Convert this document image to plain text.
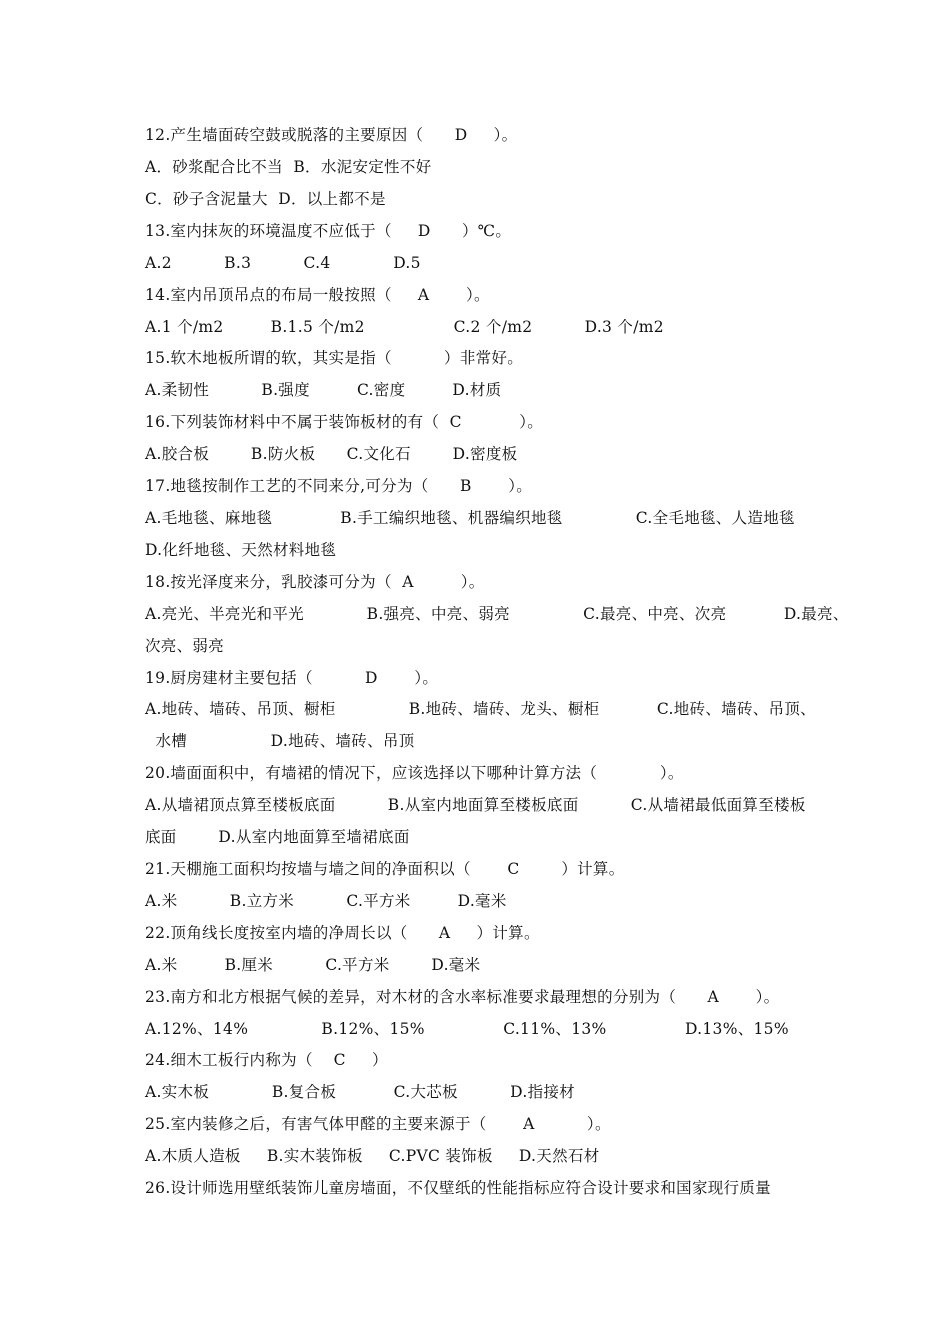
12.产生墙面砖空鼓或脱落的主要原因（      D     ）。
A．砂浆配合比不当  B．水泥安定性不好
C．砂子含泥量大  D．以上都不是
13.室内抹灰的环境温度不应低于（     D      ）℃。
A.2          B.3          C.4            D.5
14.室内吊顶吊点的布局一般按照（     A       ）。
A.1 个/m2         B.1.5 个/m2                 C.2 个/m2          D.3 个/m2
15.软木地板所谓的软，其实是指（          ）非常好。
A.柔韧性          B.强度         C.密度         D.材质
16.下列装饰材料中不属于装饰板材的有（  C           ）。
A.胶合板        B.防火板      C.文化石        D.密度板
17.地毯按制作工艺的不同来分,可分为（      B       ）。
A.毛地毯、麻地毯             B.手工编织地毯、机器编织地毯              C.全毛地毯、人造地毯
D.化纤地毯、天然材料地毯
18.按光泽度来分，乳胶漆可分为（  A         ）。
A.亮光、半亮光和平光            B.强亮、中亮、弱亮              C.最亮、中亮、次亮           D.最亮、
次亮、弱亮
19.厨房建材主要包括（          D       ）。
A.地砖、墙砖、吊顶、橱柜              B.地砖、墙砖、龙头、橱柜           C.地砖、墙砖、吊顶、
水槽                D.地砖、墙砖、吊顶
20.墙面面积中，有墙裙的情况下，应该选择以下哪种计算方法（            ）。
A.从墙裙顶点算至楼板底面          B.从室内地面算至楼板底面          C.从墙裙最低面算至楼板
底面        D.从室内地面算至墙裙底面
21.天棚施工面积均按墙与墙之间的净面积以（       C        ）计算。
A.米          B.立方米          C.平方米         D.毫米
22.顶角线长度按室内墙的净周长以（      A     ）计算。
A.米         B.厘米          C.平方米        D.毫米
23.南方和北方根据气候的差异，对木材的含水率标准要求最理想的分别为（      A       ）。
A.12%、14%              B.12%、15%               C.11%、13%               D.13%、15%
24.细木工板行内称为（    C     ）
A.实木板            B.复合板           C.大芯板          D.指接材
25.室内装修之后，有害气体甲醛的主要来源于（       A          ）。
A.木质人造板     B.实木装饰板     C.PVC 装饰板     D.天然石材
26.设计师选用壁纸装饰儿童房墙面，不仅壁纸的性能指标应符合设计要求和国家现行质量
